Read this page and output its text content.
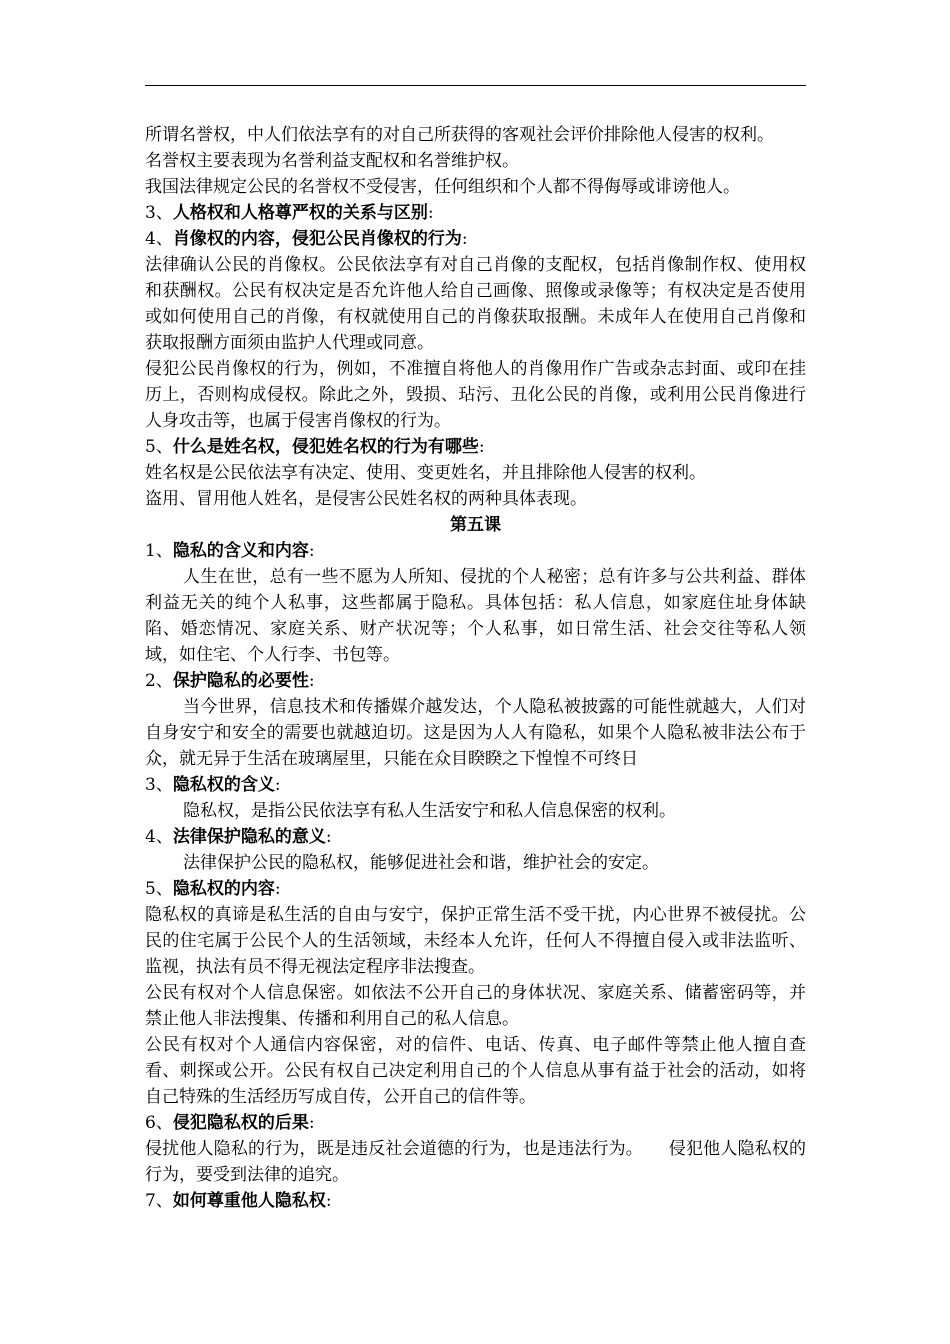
所谓名誉权，中人们依法享有的对自己所获得的客观社会评价排除他人侵害的权利。

名誉权主要表现为名誉利益支配权和名誉维护权。

我国法律规定公民的名誉权不受侵害，任何组织和个人都不得侮辱或诽谤他人。

3、人格权和人格尊严权的关系与区别:

4、肖像权的内容，侵犯公民肖像权的行为:

法律确认公民的肖像权。公民依法享有对自己肖像的支配权，包括肖像制作权、使用权和获酬权。公民有权决定是否允许他人给自己画像、照像或录像等；有权决定是否使用或如何使用自己的肖像，有权就使用自己的肖像获取报酬。未成年人在使用自己肖像和获取报酬方面须由监护人代理或同意。

侵犯公民肖像权的行为，例如，不准擅自将他人的肖像用作广告或杂志封面、或印在挂历上，否则构成侵权。除此之外，毁损、玷污、丑化公民的肖像，或利用公民肖像进行人身攻击等，也属于侵害肖像权的行为。

5、什么是姓名权，侵犯姓名权的行为有哪些:

姓名权是公民依法享有决定、使用、变更姓名，并且排除他人侵害的权利。

盗用、冒用他人姓名，是侵害公民姓名权的两种具体表现。

第五课

1、隐私的含义和内容:

人生在世，总有一些不愿为人所知、侵扰的个人秘密；总有许多与公共利益、群体利益无关的纯个人私事，这些都属于隐私。具体包括：私人信息，如家庭住址身体缺陷、婚恋情况、家庭关系、财产状况等；个人私事，如日常生活、社会交往等私人领域，如住宅、个人行李、书包等。

2、保护隐私的必要性:

当今世界，信息技术和传播媒介越发达，个人隐私被披露的可能性就越大，人们对自身安宁和安全的需要也就越迫切。这是因为人人有隐私，如果个人隐私被非法公布于众，就无异于生活在玻璃屋里，只能在众目睽睽之下惶惶不可终日

3、隐私权的含义:

隐私权，是指公民依法享有私人生活安宁和私人信息保密的权利。

4、法律保护隐私的意义:

法律保护公民的隐私权，能够促进社会和谐，维护社会的安定。

5、隐私权的内容:

隐私权的真谛是私生活的自由与安宁，保护正常生活不受干扰，内心世界不被侵扰。公民的住宅属于公民个人的生活领域，未经本人允许，任何人不得擅自侵入或非法监听、监视，执法有员不得无视法定程序非法搜查。

公民有权对个人信息保密。如依法不公开自己的身体状况、家庭关系、储蓄密码等，并禁止他人非法搜集、传播和利用自己的私人信息。

公民有权对个人通信内容保密，对的信件、电话、传真、电子邮件等禁止他人擅自查看、刺探或公开。公民有权自己决定利用自己的个人信息从事有益于社会的活动，如将自己特殊的生活经历写成自传，公开自己的信件等。

6、侵犯隐私权的后果:

侵扰他人隐私的行为，既是违反社会道德的行为，也是违法行为。　　侵犯他人隐私权的行为，要受到法律的追究。

7、如何尊重他人隐私权:
